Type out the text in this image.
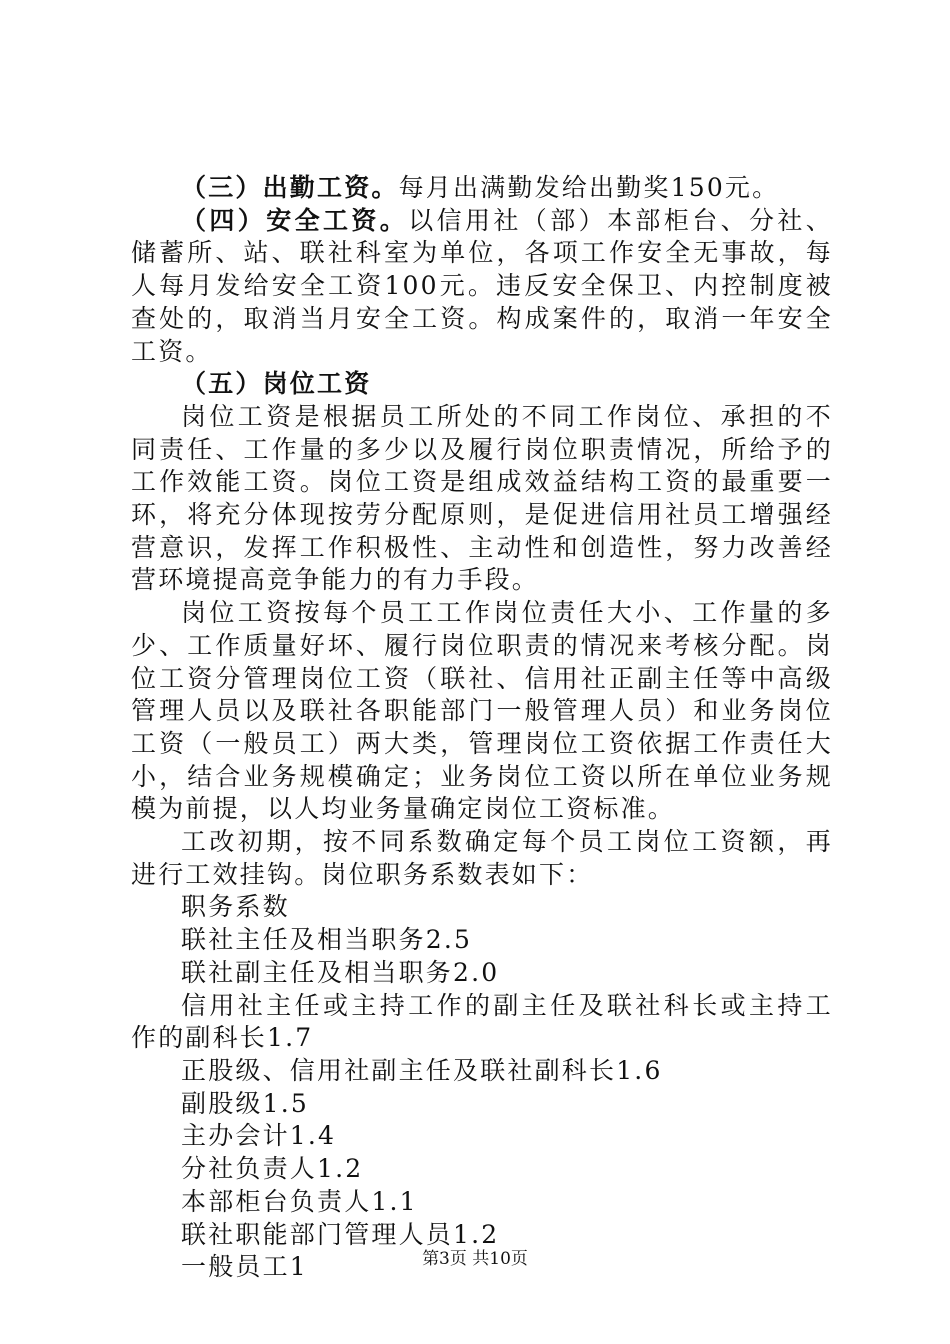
（三）出勤工资。每月出满勤发给出勤奖150元。

（四）安全工资。以信用社（部）本部柜台、分社、储蓄所、站、联社科室为单位，各项工作安全无事故，每人每月发给安全工资100元。违反安全保卫、内控制度被查处的，取消当月安全工资。构成案件的，取消一年安全工资。

（五）岗位工资

岗位工资是根据员工所处的不同工作岗位、承担的不同责任、工作量的多少以及履行岗位职责情况，所给予的工作效能工资。岗位工资是组成效益结构工资的最重要一环，将充分体现按劳分配原则，是促进信用社员工增强经营意识，发挥工作积极性、主动性和创造性，努力改善经营环境提高竞争能力的有力手段。

岗位工资按每个员工工作岗位责任大小、工作量的多少、工作质量好坏、履行岗位职责的情况来考核分配。岗位工资分管理岗位工资（联社、信用社正副主任等中高级管理人员以及联社各职能部门一般管理人员）和业务岗位工资（一般员工）两大类，管理岗位工资依据工作责任大小，结合业务规模确定；业务岗位工资以所在单位业务规模为前提，以人均业务量确定岗位工资标准。

工改初期，按不同系数确定每个员工岗位工资额，再进行工效挂钩。岗位职务系数表如下：

职务系数

联社主任及相当职务2.5

联社副主任及相当职务2.0

信用社主任或主持工作的副主任及联社科长或主持工作的副科长1.7

正股级、信用社副主任及联社副科长1.6

副股级1.5

主办会计1.4

分社负责人1.2

本部柜台负责人1.1

联社职能部门管理人员1.2

一般员工1	第3页 共10页
